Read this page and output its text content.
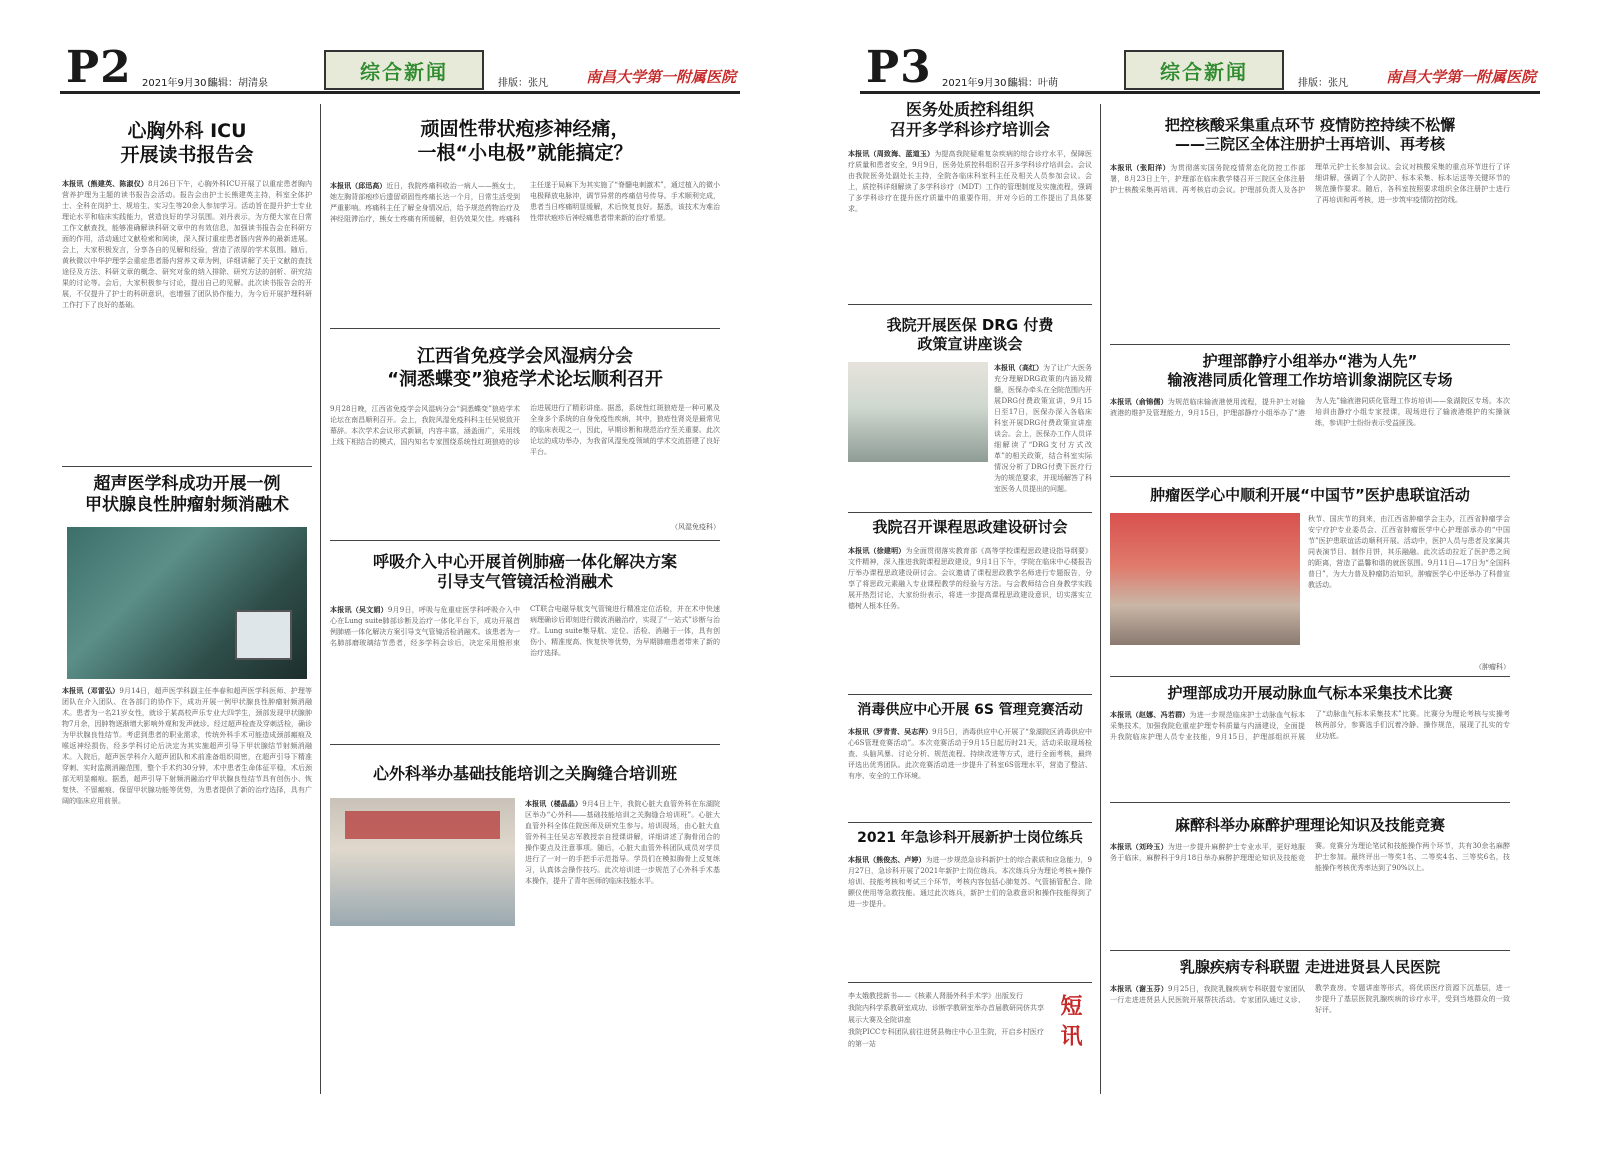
P2 2021年9月30日
编辑：胡清泉	综合新闻	排版：张凡	南昌大学第一附属医院
心胸外科 ICU
开展读书报告会
本报讯（熊建英、陈淑仪）8月26日下午，心胸外科ICU开展了以重症患者胸内营养护理为主题的读书报告会活动。报告会由护士长熊建英主持，科室全体护士、全科在岗护士、规培生、实习生等20余人参加学习。活动旨在提升护士专业理论水平和临床实践能力，营造良好的学习氛围。刘丹表示，为方便大家在日常工作文献查找，能够准确解读科研文章中的有效信息，加强读书报告会在科研方面的作用，活动通过文献检索和阅读，深入探讨重症患者肠内营养的最新进展。会上，大家积极发言，分享各自的见解和经验，营造了浓厚的学术氛围。随后，黄秋微以中华护理学会重症患者肠内营养文章为例，详细讲解了关于文献的查找途径及方法、科研文章的概念、研究对象的纳入排除、研究方法的剖析、研究结果的讨论等。会后，大家积极参与讨论，提出自己的见解。此次读书报告会的开展，不仅提升了护士的科研意识，也增强了团队协作能力，为今后开展护理科研工作打下了良好的基础。
超声医学科成功开展一例
甲状腺良性肿瘤射频消融术
本报讯（邓雷弘）9月14日，超声医学科副主任李春和超声医学科医师、护理等团队在介入团队、在各部门的协作下，成功开展一例甲状腺良性肿瘤射频消融术。患者为一名21岁女性，就诊于某高校声乐专业大四学生，颈部发现甲状腺肿物7月余，因肿物逐渐增大影响外观和发声就诊。经过超声检查及穿刺活检，确诊为甲状腺良性结节。考虑到患者的职业需求，传统外科手术可能造成颈部瘢痕及喉返神经损伤，经多学科讨论后决定为其实施超声引导下甲状腺结节射频消融术。入院后，超声医学科介入超声团队和术前准备组织周密，在超声引导下精准穿刺、实时监测消融范围，整个手术约30分钟，术中患者生命体征平稳，术后颈部无明显瘢痕。据悉，超声引导下射频消融治疗甲状腺良性结节具有创伤小、恢复快、不留瘢痕、保留甲状腺功能等优势，为患者提供了新的治疗选择，具有广阔的临床应用前景。
顽固性带状疱疹神经痛，
一根“小电极”就能搞定？
本报讯（邱迅高）近日，我院疼痛科收治一病人——熊女士，她左胸背部疱疹后遗留顽固性疼痛长达一个月，日常生活受到严重影响。疼痛科主任了解全身情况后，给予规范药物治疗及神经阻滞治疗，熊女士疼痛有所缓解，但仍效果欠佳。疼痛科主任遂于局麻下为其实施了“脊髓电刺激术”，通过植入的微小电极释放电脉冲，调节异常的疼痛信号传导。手术顺利完成，患者当日疼痛明显缓解，术后恢复良好。据悉，该技术为难治性带状疱疹后神经痛患者带来新的治疗希望。
江西省免疫学会风湿病分会
“洞悉蝶变”狼疮学术论坛顺利召开
9月28日晚，江西省免疫学会风湿病分会“洞悉蝶变”狼疮学术论坛在南昌顺利召开。会上，我院风湿免疫科科主任吴锐致开幕辞。本次学术会议形式新颖，内容丰富，涵盖面广，采用线上线下相结合的模式，国内知名专家围绕系统性红斑狼疮的诊治进展进行了精彩讲座。据悉，系统性红斑狼疮是一种可累及全身多个系统的自身免疫性疾病，其中，狼疮性肾炎是最常见的临床表现之一，因此，早期诊断和规范治疗至关重要。此次论坛的成功举办，为我省风湿免疫领域的学术交流搭建了良好平台。
（风湿免疫科）
呼吸介入中心开展首例肺癌一体化解决方案
引导支气管镜活检消融术
本报讯（吴文娟）9月9日，呼吸与危重症医学科呼吸介入中心在Lung suite肺部诊断及治疗一体化平台下，成功开展首例肺癌一体化解决方案引导支气管镜活检消融术。该患者为一名肺部磨玻璃结节患者，经多学科会诊后，决定采用锥形束CT联合电磁导航支气管镜进行精准定位活检，并在术中快速病理确诊后即刻进行微波消融治疗，实现了“一站式”诊断与治疗。Lung suite集导航、定位、活检、消融于一体，具有创伤小、精准度高、恢复快等优势，为早期肺癌患者带来了新的治疗选择。
心外科举办基础技能培训之关胸缝合培训班
本报讯（楼晶晶）9月4日上午，我院心脏大血管外科在东湖院区举办“心外科——基础技能培训之关胸缝合培训班”。心脏大血管外科全体住院医师及研究生参与。培训现场，由心脏大血管外科主任吴志军教授亲自授课讲解，详细讲述了胸骨闭合的操作要点及注意事项。随后，心脏大血管外科团队成员对学员进行了一对一的手把手示范指导。学员们在模拟胸骨上反复练习，认真体会操作技巧。此次培训进一步规范了心外科手术基本操作，提升了青年医师的临床技能水平。
P3 2021年9月30日
编辑：叶萌	综合新闻	排版：张凡	南昌大学第一附属医院
医务处质控科组织
召开多学科诊疗培训会
本报讯（周致海、蓝道玉）为提高我院疑难复杂疾病的综合诊疗水平，保障医疗质量和患者安全，9月9日，医务处质控科组织召开多学科诊疗培训会。会议由我院医务处副处长主持，全院各临床科室科主任及相关人员参加会议。会上，质控科详细解读了多学科诊疗（MDT）工作的管理制度及实施流程，强调了多学科诊疗在提升医疗质量中的重要作用，并对今后的工作提出了具体要求。
我院开展医保 DRG 付费
政策宣讲座谈会
本报讯（高红）为了让广大医务充分理解DRG政策的内涵及精髓，医保办牵头在全院范围内开展DRG付费政策宣讲，9月15日至17日，医保办深入各临床科室开展DRG付费政策宣讲座谈会。会上，医保办工作人员详细解读了“DRG支付方式改革”的相关政策，结合科室实际情况分析了DRG付费下医疗行为的规范要求，并现场解答了科室医务人员提出的问题。
我院召开课程思政建设研讨会
本报讯（徐建明）为全面贯彻落实教育部《高等学校课程思政建设指导纲要》文件精神，深入推进我院课程思政建设，9月1日下午，学院在临床中心楼报告厅举办课程思政建设研讨会。会议邀请了课程思政教学名师进行专题报告，分享了将思政元素融入专业课程教学的经验与方法。与会教师结合自身教学实践展开热烈讨论，大家纷纷表示，将进一步提高课程思政建设意识，切实落实立德树人根本任务。
消毒供应中心开展 6S 管理竞赛活动
本报讯（罗青青、吴志萍）9月5日，消毒供应中心开展了“象湖院区消毒供应中心6S管理竞赛活动”。本次竞赛活动于9月15日起历时21天，活动采取现场检查、头脑风暴、讨论分析、规范流程、持续改进等方式，进行全面考核，最终评选出优秀团队。此次竞赛活动进一步提升了科室6S管理水平，营造了整洁、有序、安全的工作环境。
2021 年急诊科开展新护士岗位练兵
本报讯（熊俊杰、卢婷）为进一步规范急诊科新护士的综合素质和应急能力，9月27日，急诊科开展了2021年新护士岗位练兵。本次练兵分为理论考核+操作培训、技能考核和考试三个环节，考核内容包括心肺复苏、气管插管配合、除颤仪使用等急救技能。通过此次练兵，新护士们的急救意识和操作技能得到了进一步提升。
李太娥教授新书——《核素人肾肠外科手术学》出版发行
我院内科学系教研室成功、诊断学教研室举办首届教研同侪共享展示大赛及全院讲座
我院PICC专科团队前往进贤县梅庄中心卫生院，开启乡村医疗的第一站	短讯
把控核酸采集重点环节 疫情防控持续不松懈
——三院区全体注册护士再培训、再考核
本报讯（张阳洋）为贯彻落实国务院疫情常态化防控工作部署，8月23日上午，护理部在临床教学楼召开三院区全体注册护士核酸采集再培训、再考核启动会议。护理部负责人及各护理单元护士长参加会议。会议对核酸采集的重点环节进行了详细讲解，强调了个人防护、标本采集、标本运送等关键环节的规范操作要求。随后，各科室按照要求组织全体注册护士进行了再培训和再考核，进一步筑牢疫情防控防线。
护理部静疗小组举办“港为人先”
输液港同质化管理工作坊培训象湖院区专场
本报讯（俞锦儒）为规范临床输液港使用流程，提升护士对输液港的维护及管理能力，9月15日，护理部静疗小组举办了“港为人先”输液港同质化管理工作坊培训——象湖院区专场。本次培训由静疗小组专家授课，现场进行了输液港维护的实操演练，参训护士纷纷表示受益匪浅。
肿瘤医学心中顺利开展“中国节”医护患联谊活动
秋节、国庆节的到来，由江西省肿瘤学会主办，江西省肿瘤学会安宁疗护专业委员会、江西省肿瘤医学中心护理部承办的“中国节”医护患联谊活动顺利开展。活动中，医护人员与患者及家属共同表演节目、制作月饼，其乐融融。此次活动拉近了医护患之间的距离，营造了温馨和谐的就医氛围。9月11日—17日为“全国科普日”，为大力普及肿瘤防治知识，肿瘤医学心中还举办了科普宣教活动。
（肿瘤科）
护理部成功开展动脉血气标本采集技术比赛
本报讯（赵娜、冯若群）为进一步规范临床护士动脉血气标本采集技术，加强我院危重症护理专科质量与内涵建设，全面提升我院临床护理人员专业技能，9月15日，护理部组织开展了“动脉血气标本采集技术”比赛。比赛分为理论考核与实操考核两部分，参赛选手们沉着冷静、操作规范，展现了扎实的专业功底。
麻醉科举办麻醉护理理论知识及技能竞赛
本报讯（刘玲玉）为进一步提升麻醉护士专业水平，更好地服务于临床，麻醉科于9月18日举办麻醉护理理论知识及技能竞赛。竞赛分为理论笔试和技能操作两个环节，共有30余名麻醉护士参加。最终评出一等奖1名、二等奖4名、三等奖6名，技能操作考核优秀率达到了90%以上。
乳腺疾病专科联盟 走进进贤县人民医院
本报讯（谢玉芬）9月25日，我院乳腺疾病专科联盟专家团队一行走进进贤县人民医院开展帮扶活动。专家团队通过义诊、教学查房、专题讲座等形式，将优质医疗资源下沉基层，进一步提升了基层医院乳腺疾病的诊疗水平，受到当地群众的一致好评。
